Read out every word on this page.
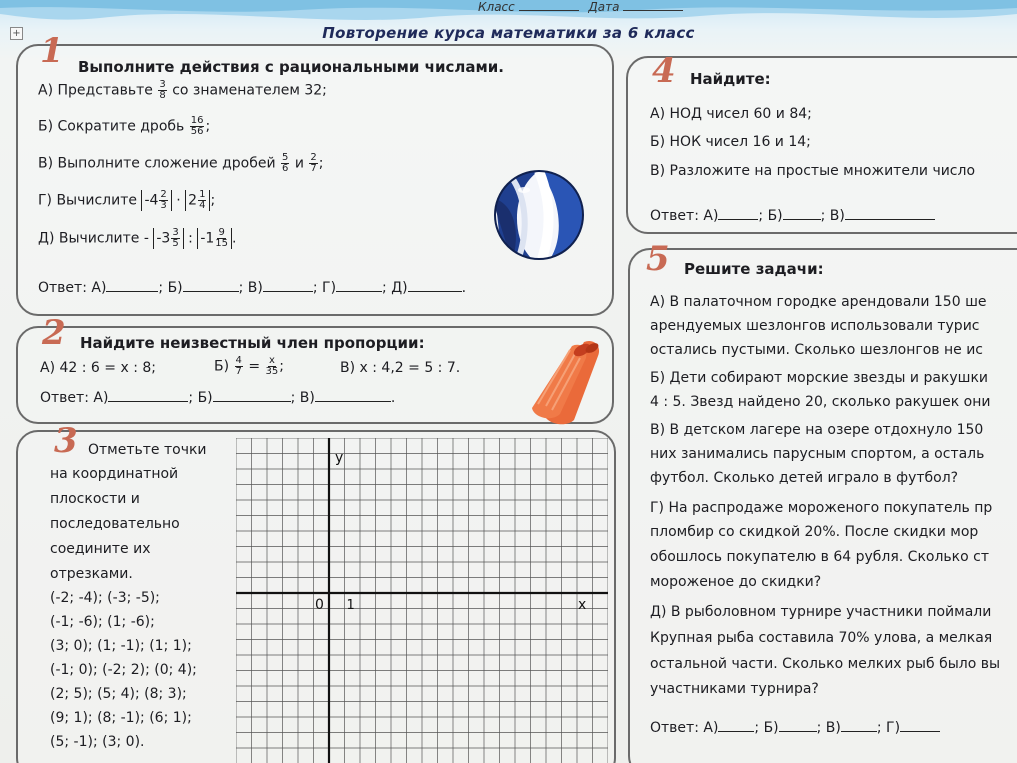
Класс	Дата
+	Повторение курса математики за 6 класс
1 Выполните действия с рациональными числами.
А) Представьте $\frac{3}{8}$ со знаменателем 32;
Б) Сократите дробь $\frac{16}{56}$ ;
В) Выполните сложение дробей $\frac{5}{6}$ и $\frac{2}{7}$ ;
Г) Вычислите $-4 \frac{2}{3} \cdot 2 \frac{1}{4}$ ;
Д) Вычислите - $-3 \frac{3}{5}$ : $-1 \frac{9}{15}$ .
Ответ: А)	; Б)	; В)	; Г)	; Д)	.
2 Найдите неизвестный член пропорции:
А) 42 : 6 = x : 8;	$Б) \frac{4}{7} = \frac{x}{35}$ ;	В) x : 4,2 = 5 : 7.
Ответ: А)	; Б)	; В)	.
3 Отметьте точки
на координатной
плоскости и
последовательно
соедините их
отрезками.
(-2; -4); (-3; -5);
(-1; -6); (1; -6);
(3; 0); (1; -1); (1; 1);
(-1; 0); (-2; 2); (0; 4);
(2; 5); (5; 4); (8; 3);
(9; 1); (8; -1); (6; 1);
(5; -1); (3; 0).
y
x
0 1
4 Найдите:
А) НОД чисел 60 и 84;
Б) НОК чисел 16 и 14;
В) Разложите на простые множители число
Ответ: А)	; Б)	; В)
5 Решите задачи:
А) В палаточном городке арендовали 150 ше
арендуемых шезлонгов использовали турис
остались пустыми. Сколько шезлонгов не ис
Б) Дети собирают морские звезды и ракушки
4 : 5. Звезд найдено 20, сколько ракушек они
В) В детском лагере на озере отдохнуло 150
них занимались парусным спортом, а осталь
футбол. Сколько детей играло в футбол?
Г) На распродаже мороженого покупатель пр
пломбир со скидкой 20%. После скидки мор
обошлось покупателю в 64 рубля. Сколько ст
мороженое до скидки?
Д) В рыболовном турнире участники поймали
Крупная рыба составила 70% улова, а мелкая
остальной части. Сколько мелких рыб было вы
участниками турнира?
Ответ: А)	; Б)	; В)	; Г)
